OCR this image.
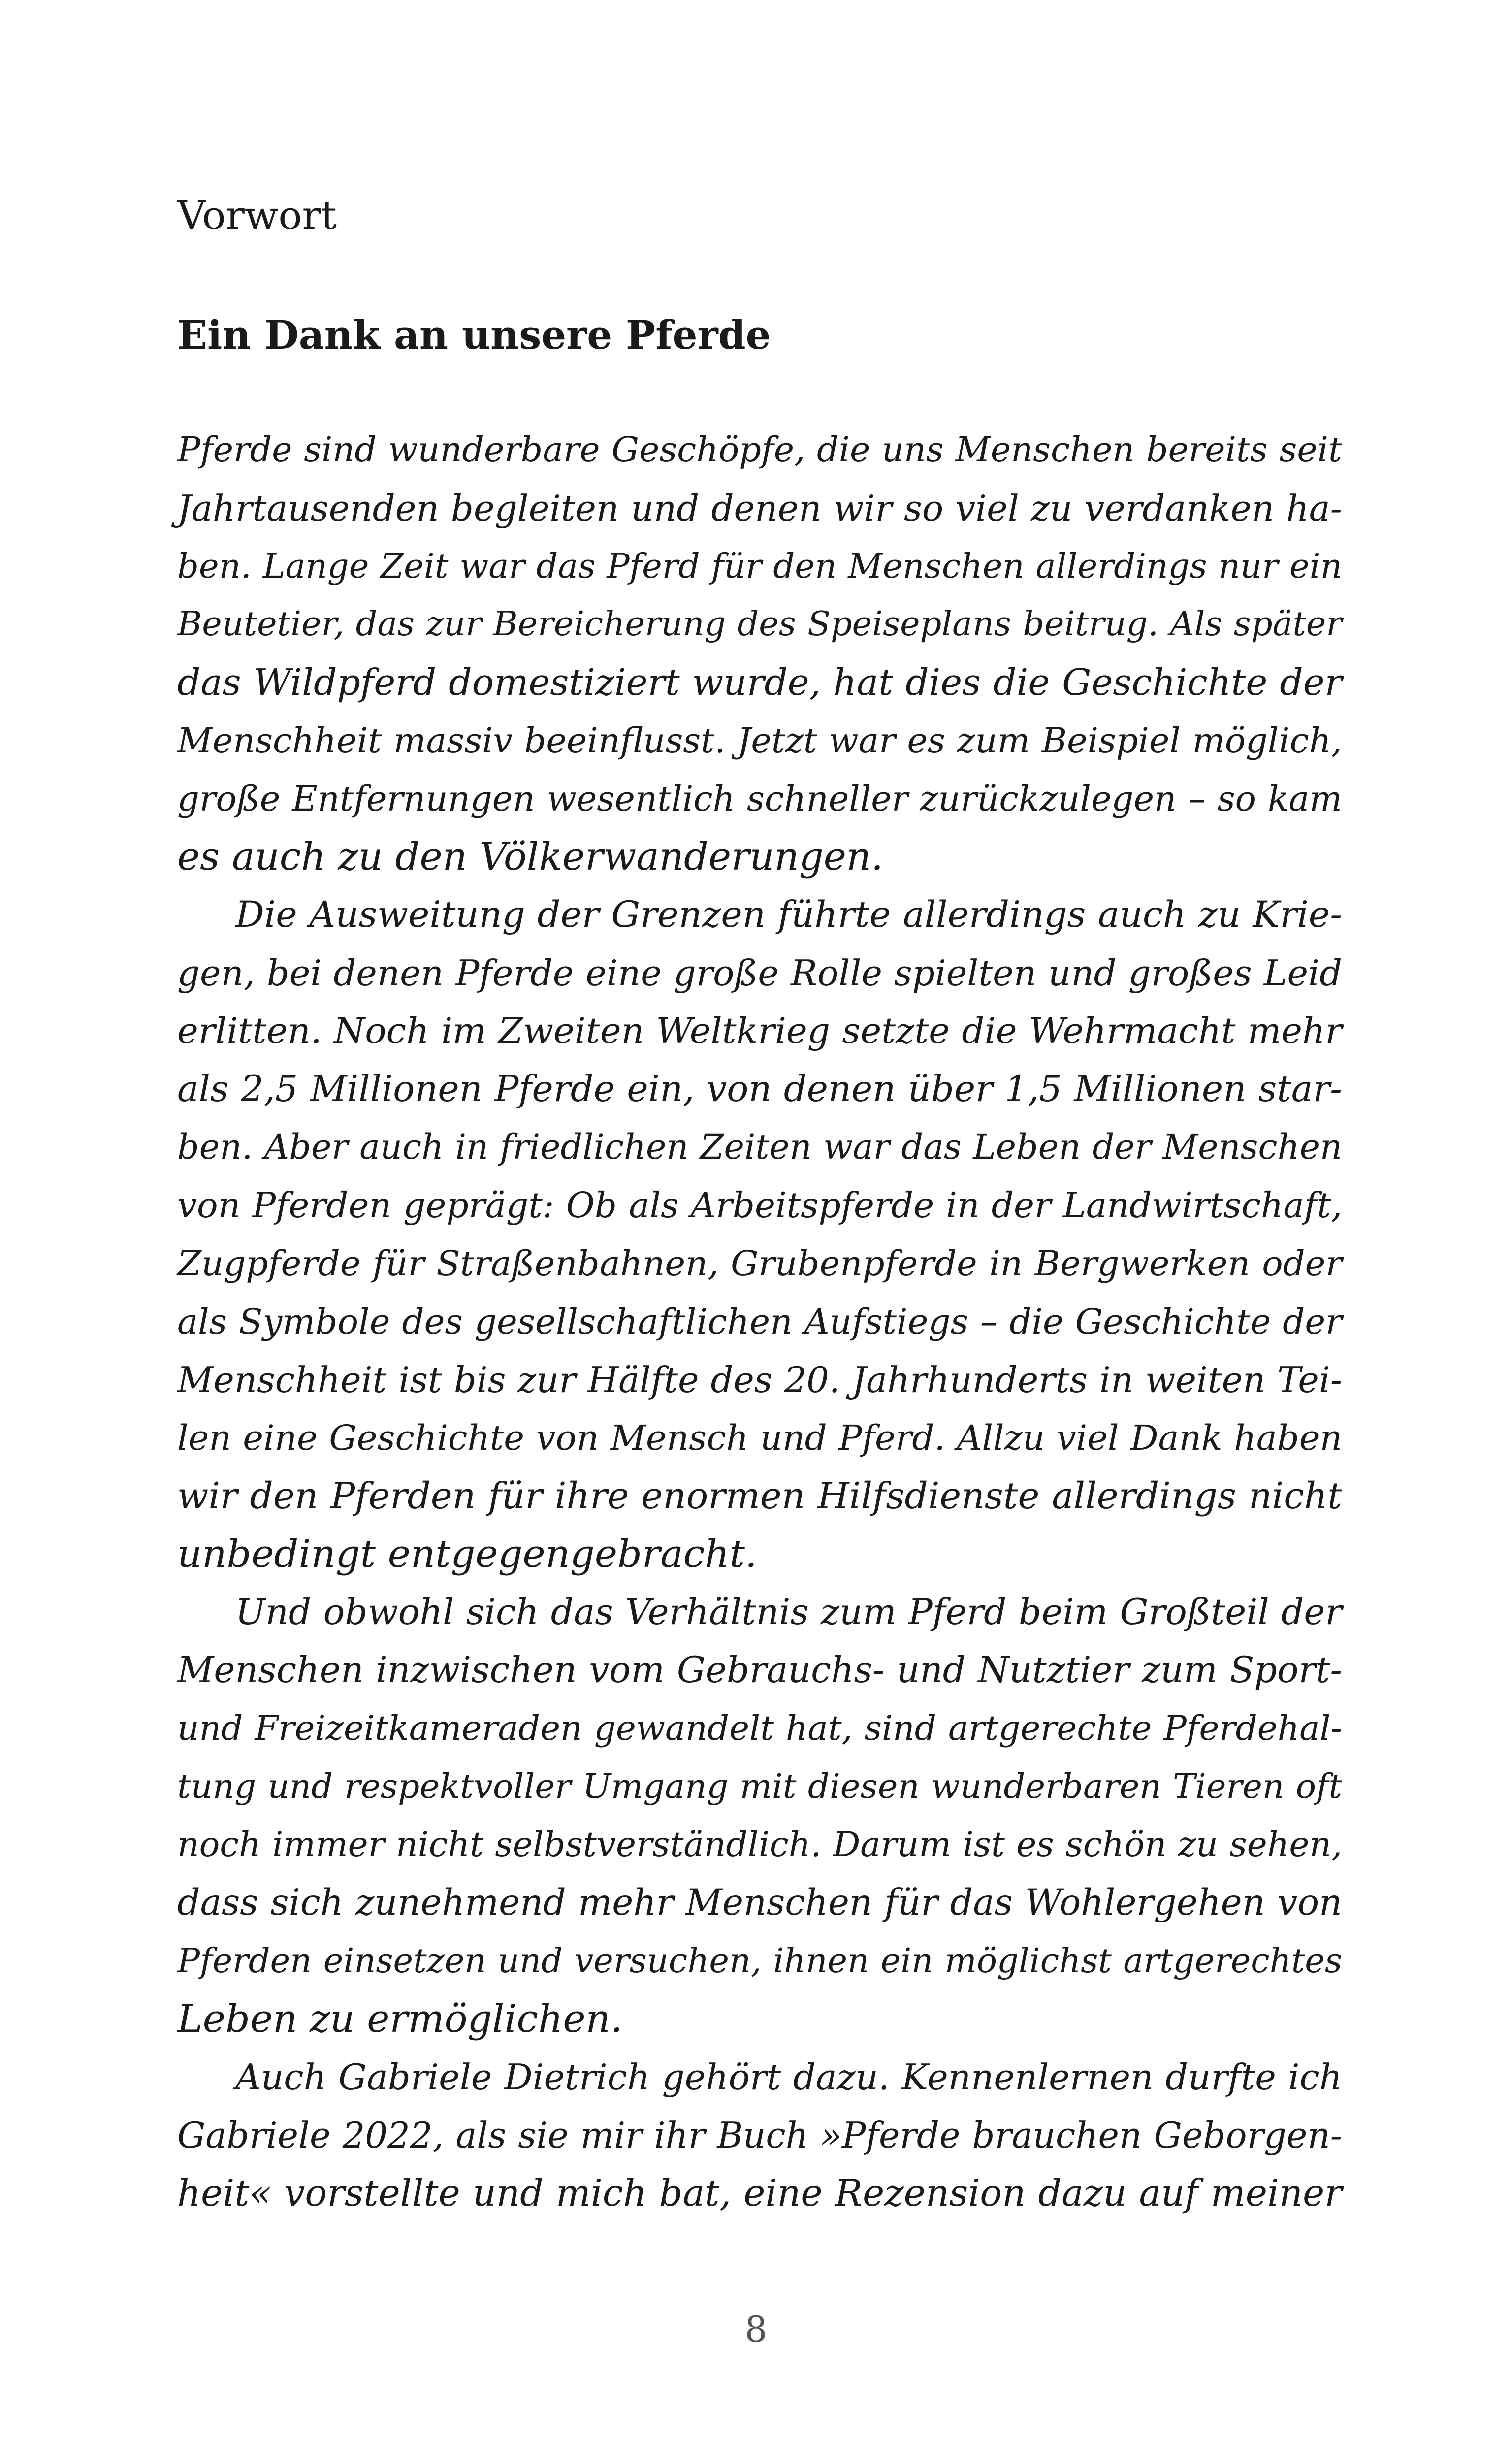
Vorwort
Ein Dank an unsere Pferde
Pferde sind wunderbare Geschöpfe, die uns Menschen bereits seit
Jahrtausenden begleiten und denen wir so viel zu verdanken ha-
ben. Lange Zeit war das Pferd für den Menschen allerdings nur ein
Beutetier, das zur Bereicherung des Speiseplans beitrug. Als später
das Wildpferd domestiziert wurde, hat dies die Geschichte der
Menschheit massiv beeinflusst. Jetzt war es zum Beispiel möglich,
große Entfernungen wesentlich schneller zurückzulegen – so kam
es auch zu den Völkerwanderungen.
Die Ausweitung der Grenzen führte allerdings auch zu Krie-
gen, bei denen Pferde eine große Rolle spielten und großes Leid
erlitten. Noch im Zweiten Weltkrieg setzte die Wehrmacht mehr
als 2,5 Millionen Pferde ein, von denen über 1,5 Millionen star-
ben. Aber auch in friedlichen Zeiten war das Leben der Menschen
von Pferden geprägt: Ob als Arbeitspferde in der Landwirtschaft,
Zugpferde für Straßenbahnen, Grubenpferde in Bergwerken oder
als Symbole des gesellschaftlichen Aufstiegs – die Geschichte der
Menschheit ist bis zur Hälfte des 20. Jahrhunderts in weiten Tei-
len eine Geschichte von Mensch und Pferd. Allzu viel Dank haben
wir den Pferden für ihre enormen Hilfsdienste allerdings nicht
unbedingt entgegengebracht.
Und obwohl sich das Verhältnis zum Pferd beim Großteil der
Menschen inzwischen vom Gebrauchs- und Nutztier zum Sport-
und Freizeitkameraden gewandelt hat, sind artgerechte Pferdehal-
tung und respektvoller Umgang mit diesen wunderbaren Tieren oft
noch immer nicht selbstverständlich. Darum ist es schön zu sehen,
dass sich zunehmend mehr Menschen für das Wohlergehen von
Pferden einsetzen und versuchen, ihnen ein möglichst artgerechtes
Leben zu ermöglichen.
Auch Gabriele Dietrich gehört dazu. Kennenlernen durfte ich
Gabriele 2022, als sie mir ihr Buch »Pferde brauchen Geborgen-
heit« vorstellte und mich bat, eine Rezension dazu auf meiner
8
